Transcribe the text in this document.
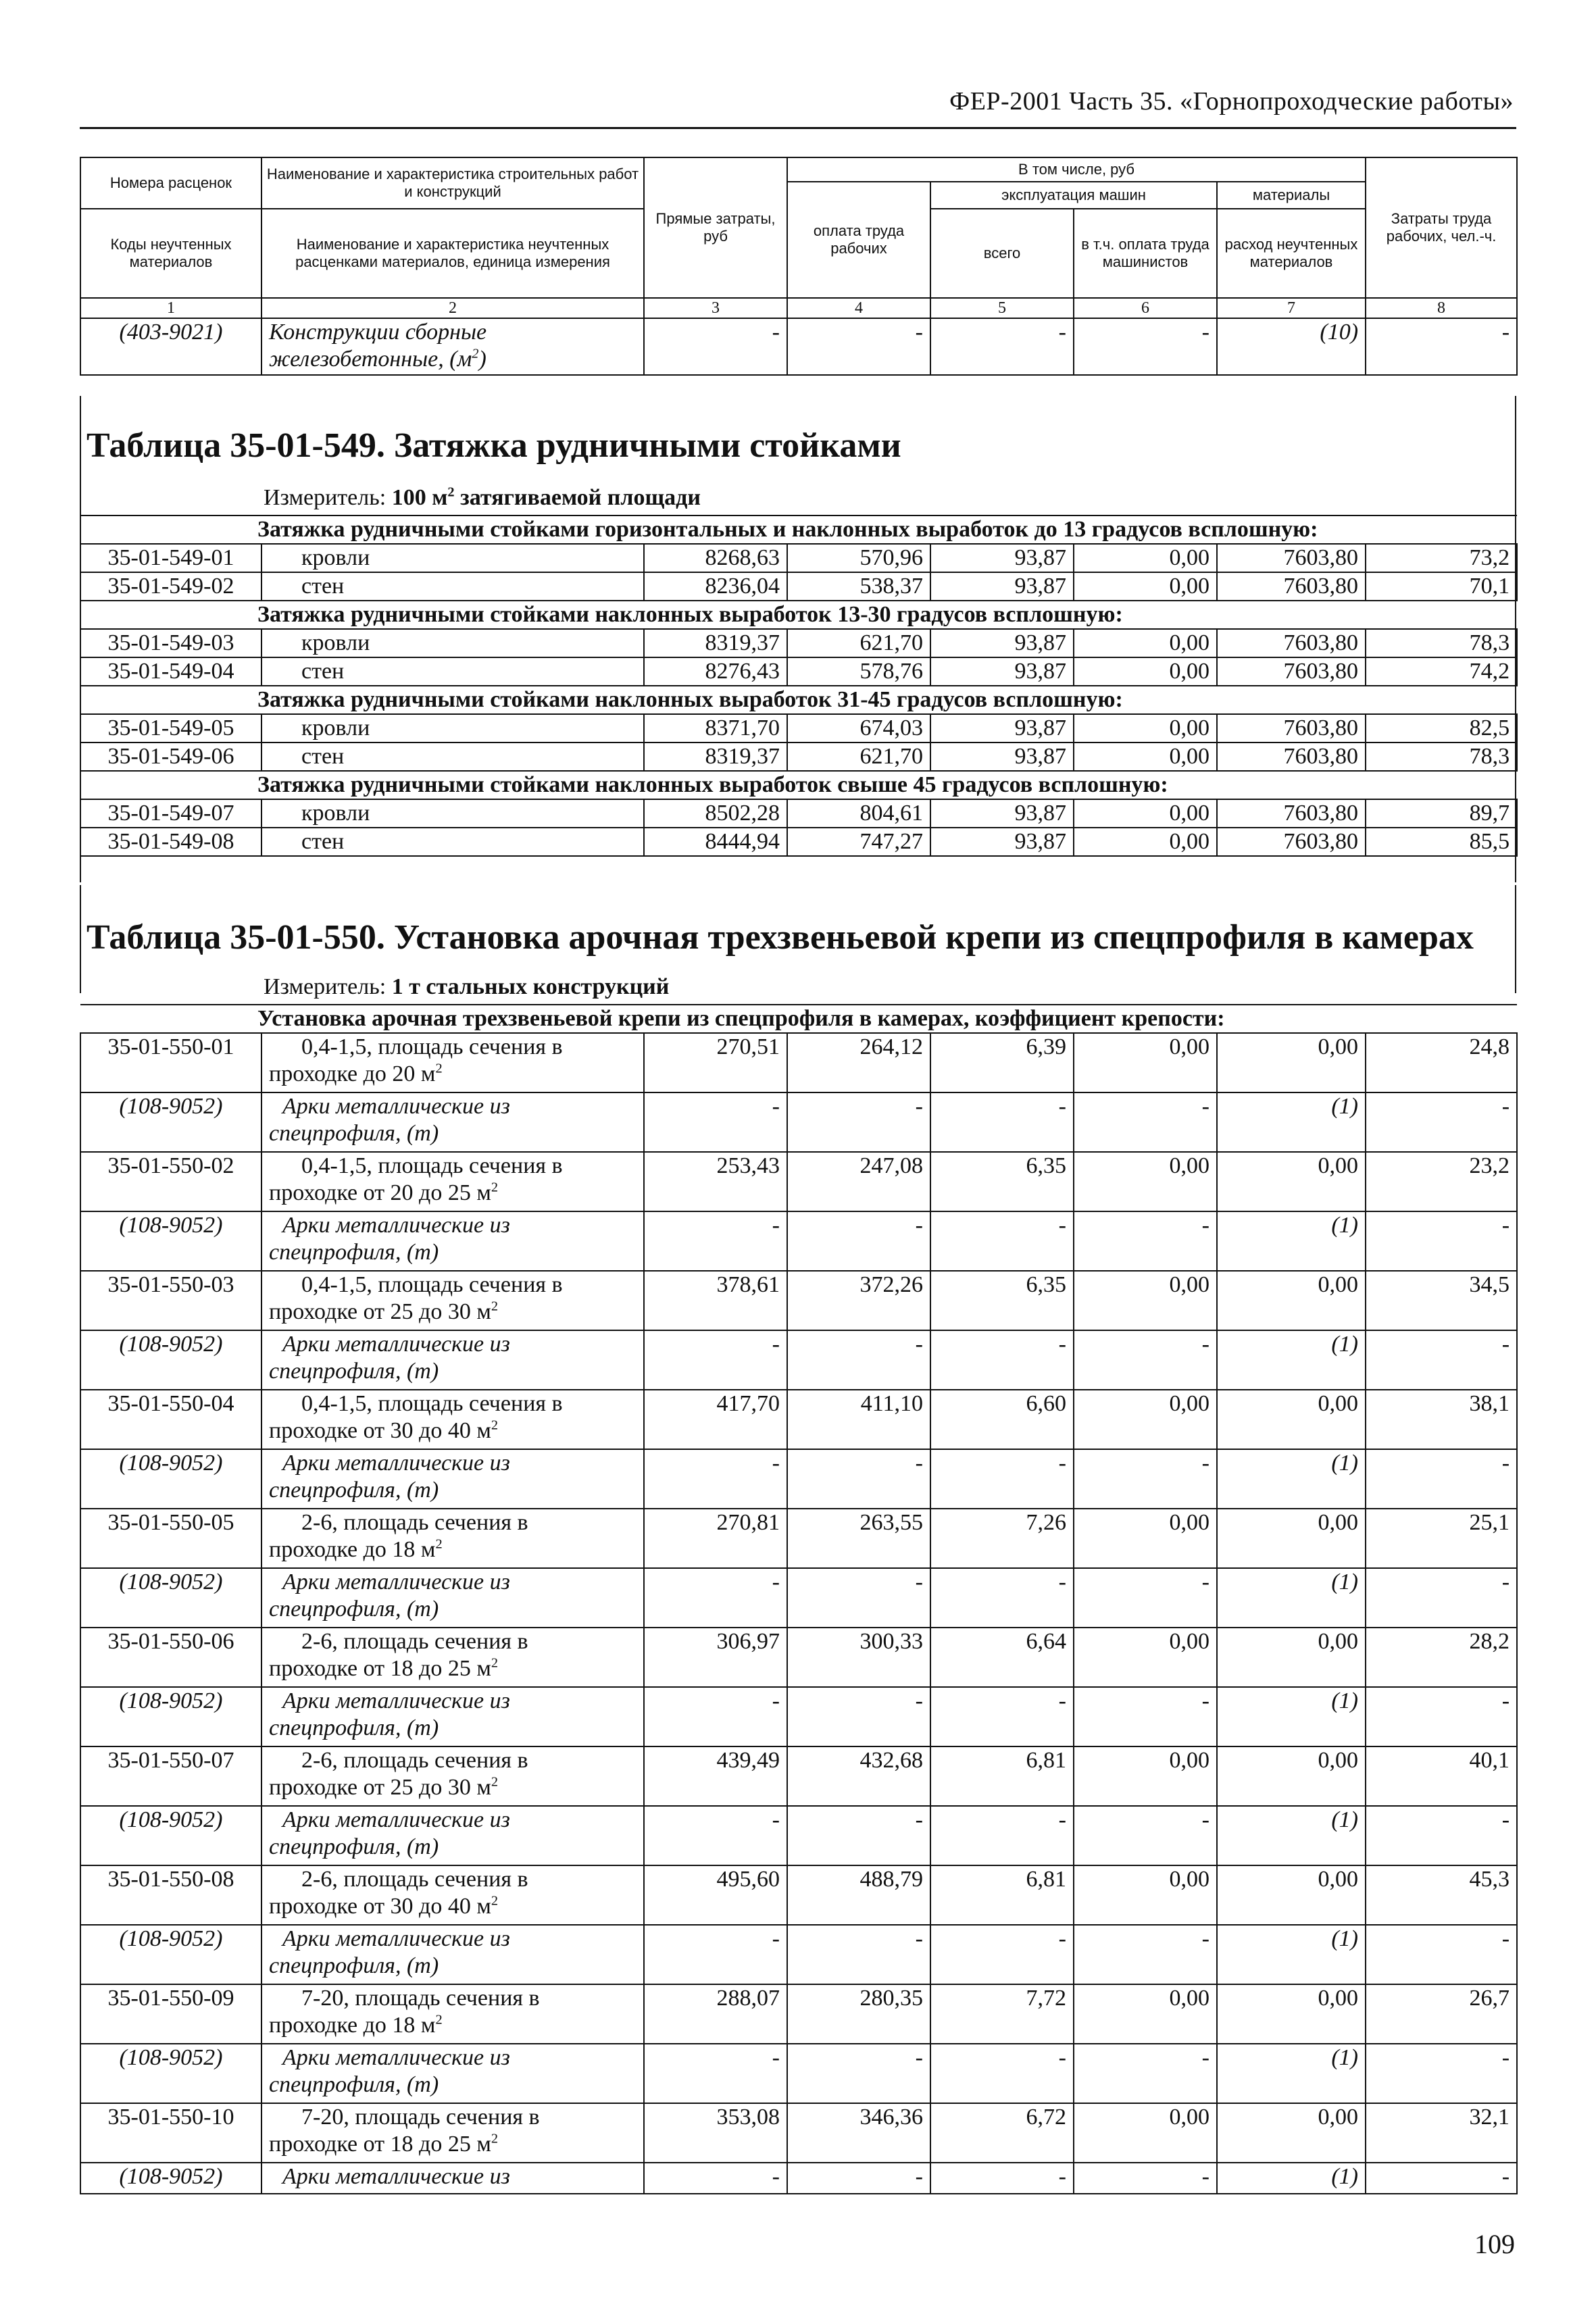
ФЕР-2001 Часть 35. «Горнопроходческие работы»
Номера расценок	Наименование и характеристика строительных работ и конструкций	Прямые затраты, руб	В том числе, руб				Затраты труда рабочих, чел.-ч.
			оплата труда рабочих	эксплуатация машин		материалы	
Коды неучтенных материалов	Наименование и характеристика неучтенных расценками материалов, единица измерения			всего	в т.ч. оплата труда машинистов	расход неучтенных материалов	

1	2	3	4	5	6	7	8
(403-9021)	Конструкции сборные
железобетонные, $(м^2)$	-	-	-	-	(10)	-
Таблица 35-01-549. Затяжка рудничными стойками
Измеритель: 100 $м^2$ затягиваемой площади
Затяжка рудничными стойками горизонтальных и наклонных выработок до 13 градусов всплошную:							
35-01-549-01	кровли	8268,63	570,96	93,87	0,00	7603,80	73,2
35-01-549-02	стен	8236,04	538,37	93,87	0,00	7603,80	70,1
Затяжка рудничными стойками наклонных выработок 13-30 градусов всплошную:							
35-01-549-03	кровли	8319,37	621,70	93,87	0,00	7603,80	78,3
35-01-549-04	стен	8276,43	578,76	93,87	0,00	7603,80	74,2
Затяжка рудничными стойками наклонных выработок 31-45 градусов всплошную:							
35-01-549-05	кровли	8371,70	674,03	93,87	0,00	7603,80	82,5
35-01-549-06	стен	8319,37	621,70	93,87	0,00	7603,80	78,3
Затяжка рудничными стойками наклонных выработок свыше 45 градусов всплошную:							
35-01-549-07	кровли	8502,28	804,61	93,87	0,00	7603,80	89,7
35-01-549-08	стен	8444,94	747,27	93,87	0,00	7603,80	85,5
Таблица 35-01-550. Установка арочная трехзвеньевой крепи из спецпрофиля в камерах
Измеритель: 1 т стальных конструкций
Установка арочная трехзвеньевой крепи из спецпрофиля в камерах, коэффициент крепости:							
35-01-550-01	0,4-1,5, площадь сечения в
проходке до 20 $м^2$	270,51	264,12	6,39	0,00	0,00	24,8
(108-9052)	Арки металлические из
спецпрофиля, (т)	-	-	-	-	(1)	-
35-01-550-02	0,4-1,5, площадь сечения в
проходке от 20 до 25 $м^2$	253,43	247,08	6,35	0,00	0,00	23,2
(108-9052)	Арки металлические из
спецпрофиля, (т)	-	-	-	-	(1)	-
35-01-550-03	0,4-1,5, площадь сечения в
проходке от 25 до 30 $м^2$	378,61	372,26	6,35	0,00	0,00	34,5
(108-9052)	Арки металлические из
спецпрофиля, (т)	-	-	-	-	(1)	-
35-01-550-04	0,4-1,5, площадь сечения в
проходке от 30 до 40 $м^2$	417,70	411,10	6,60	0,00	0,00	38,1
(108-9052)	Арки металлические из
спецпрофиля, (т)	-	-	-	-	(1)	-
35-01-550-05	2-6, площадь сечения в
проходке до 18 $м^2$	270,81	263,55	7,26	0,00	0,00	25,1
(108-9052)	Арки металлические из
спецпрофиля, (т)	-	-	-	-	(1)	-
35-01-550-06	2-6, площадь сечения в
проходке от 18 до 25 $м^2$	306,97	300,33	6,64	0,00	0,00	28,2
(108-9052)	Арки металлические из
спецпрофиля, (т)	-	-	-	-	(1)	-
35-01-550-07	2-6, площадь сечения в
проходке от 25 до 30 $м^2$	439,49	432,68	6,81	0,00	0,00	40,1
(108-9052)	Арки металлические из
спецпрофиля, (т)	-	-	-	-	(1)	-
35-01-550-08	2-6, площадь сечения в
проходке от 30 до 40 $м^2$	495,60	488,79	6,81	0,00	0,00	45,3
(108-9052)	Арки металлические из
спецпрофиля, (т)	-	-	-	-	(1)	-
35-01-550-09	7-20, площадь сечения в
проходке до 18 $м^2$	288,07	280,35	7,72	0,00	0,00	26,7
(108-9052)	Арки металлические из
спецпрофиля, (т)	-	-	-	-	(1)	-
35-01-550-10	7-20, площадь сечения в
проходке от 18 до 25 $м^2$	353,08	346,36	6,72	0,00	0,00	32,1
(108-9052)	Арки металлические из	-	-	-	-	(1)	-
109
